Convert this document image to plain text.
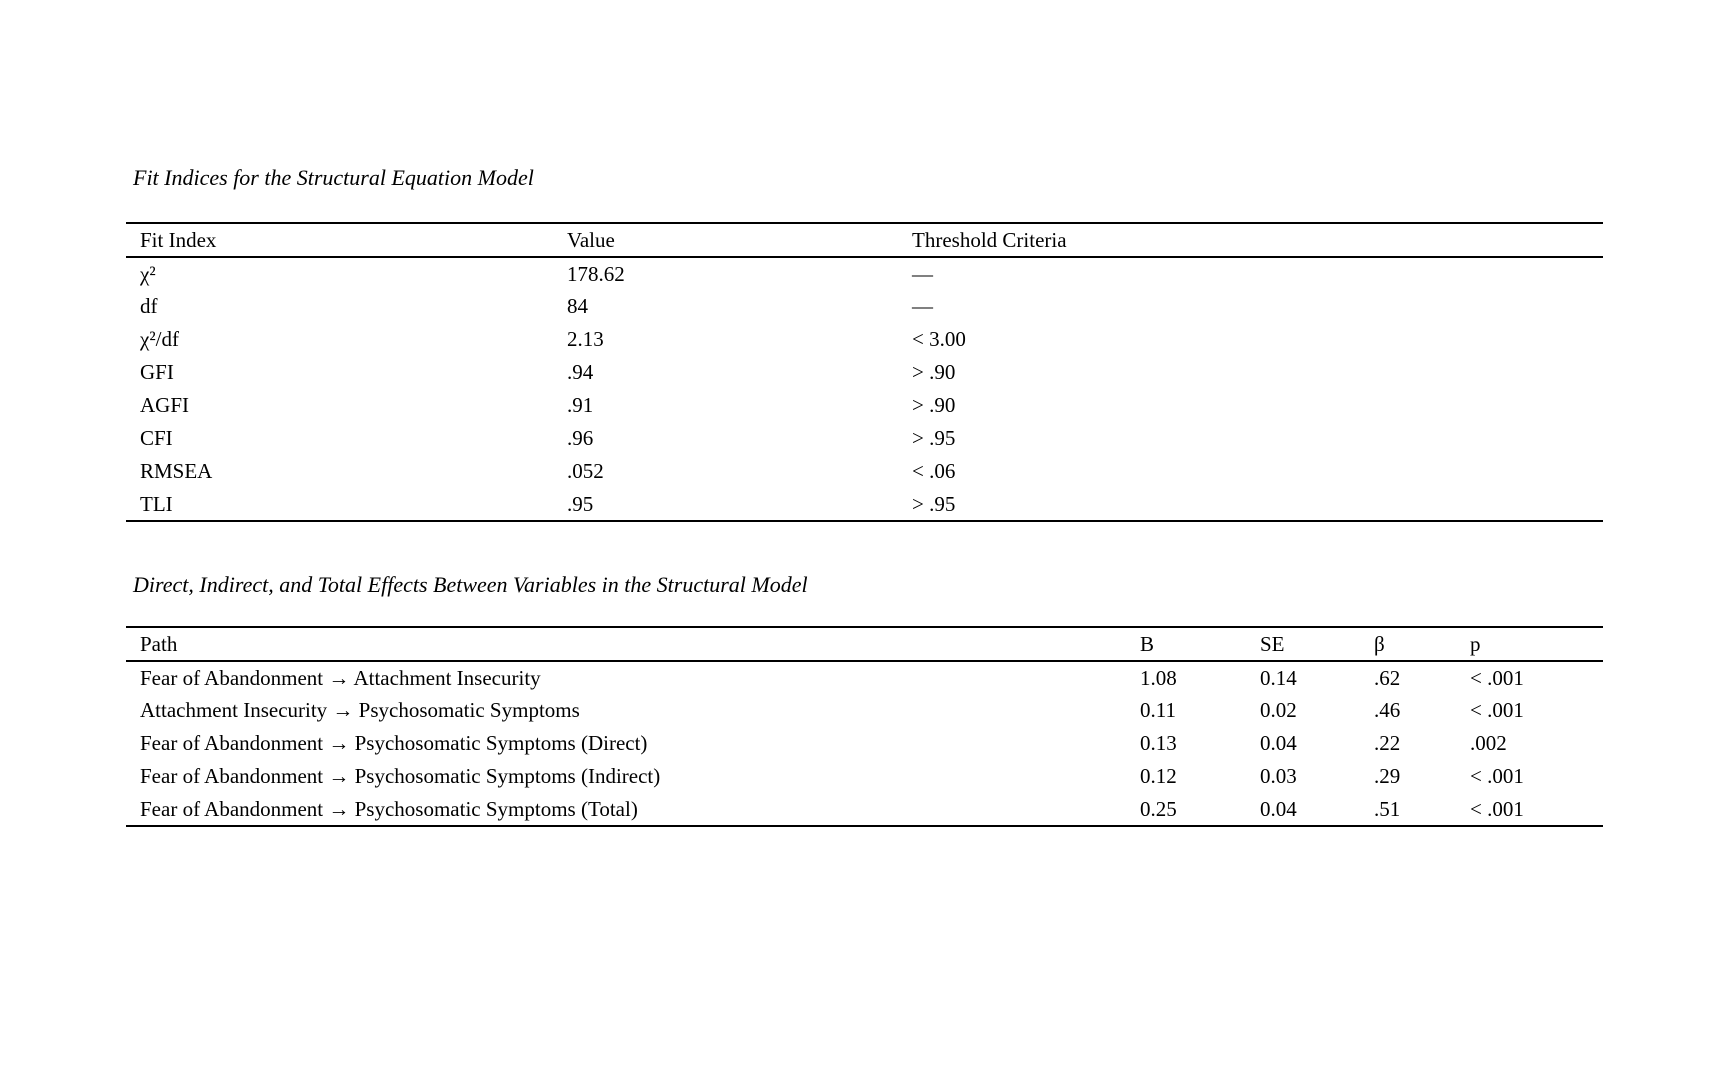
Fit Indices for the Structural Equation Model
Fit Index	Value	Threshold Criteria
χ²	178.62	—
df	84	—
χ²/df	2.13	< 3.00
GFI	.94	> .90
AGFI	.91	> .90
CFI	.96	> .95
RMSEA	.052	< .06
TLI	.95	> .95
Direct, Indirect, and Total Effects Between Variables in the Structural Model
Path	B	SE	β	p
Fear of Abandonment → Attachment Insecurity	1.08	0.14	.62	< .001
Attachment Insecurity → Psychosomatic Symptoms	0.11	0.02	.46	< .001
Fear of Abandonment → Psychosomatic Symptoms (Direct)	0.13	0.04	.22	.002
Fear of Abandonment → Psychosomatic Symptoms (Indirect)	0.12	0.03	.29	< .001
Fear of Abandonment → Psychosomatic Symptoms (Total)	0.25	0.04	.51	< .001
